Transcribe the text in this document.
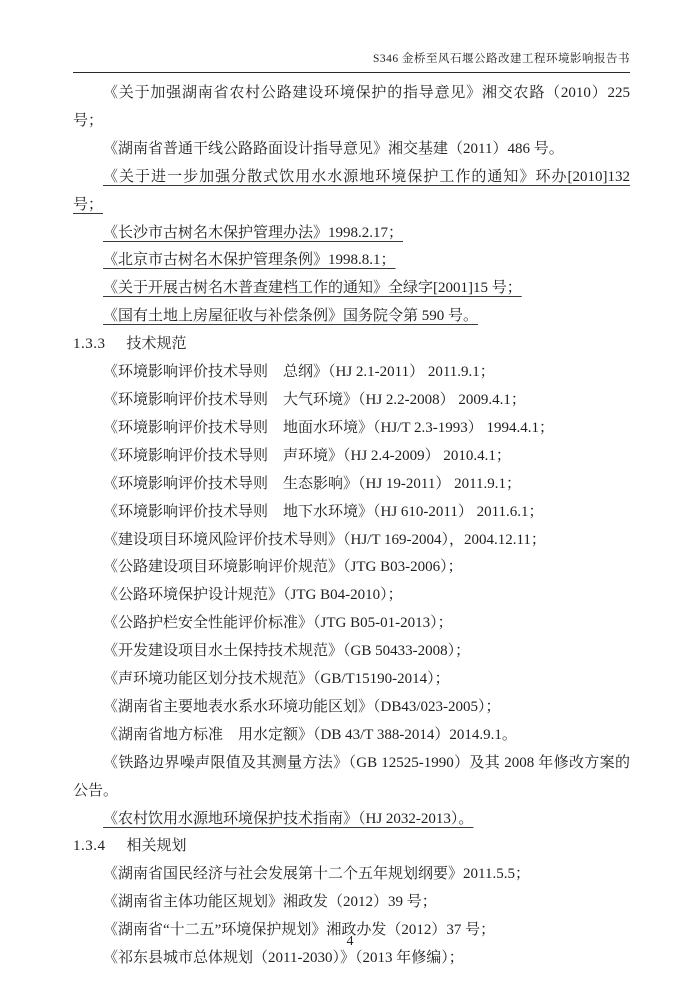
S346 金桥至风石堰公路改建工程环境影响报告书

《关于加强湖南省农村公路建设环境保护的指导意见》湘交农路（2010）225 号；

《湖南省普通干线公路路面设计指导意见》湘交基建（2011）486 号。

《关于进一步加强分散式饮用水水源地环境保护工作的通知》环办[2010]132 号；

《长沙市古树名木保护管理办法》1998.2.17；

《北京市古树名木保护管理条例》1998.8.1；

《关于开展古树名木普查建档工作的通知》全绿字[2001]15 号；

《国有土地上房屋征收与补偿条例》国务院令第 590 号。

1.3.3 技术规范

《环境影响评价技术导则　总纲》（HJ 2.1-2011） 2011.9.1；

《环境影响评价技术导则　大气环境》（HJ 2.2-2008） 2009.4.1；

《环境影响评价技术导则　地面水环境》（HJ/T 2.3-1993） 1994.4.1；

《环境影响评价技术导则　声环境》（HJ 2.4-2009） 2010.4.1；

《环境影响评价技术导则　生态影响》（HJ 19-2011） 2011.9.1；

《环境影响评价技术导则　地下水环境》（HJ 610-2011） 2011.6.1；

《建设项目环境风险评价技术导则》（HJ/T 169-2004），2004.12.11；

《公路建设项目环境影响评价规范》（JTG B03-2006）；

《公路环境保护设计规范》（JTG B04-2010）；

《公路护栏安全性能评价标准》（JTG B05-01-2013）；

《开发建设项目水土保持技术规范》（GB 50433-2008）；

《声环境功能区划分技术规范》（GB/T15190-2014）；

《湖南省主要地表水系水环境功能区划》（DB43/023-2005）；

《湖南省地方标准　用水定额》（DB 43/T 388-2014）2014.9.1。

《铁路边界噪声限值及其测量方法》（GB 12525-1990）及其 2008 年修改方案的公告。

《农村饮用水源地环境保护技术指南》（HJ 2032-2013）。

1.3.4 相关规划

《湖南省国民经济与社会发展第十二个五年规划纲要》2011.5.5；

《湖南省主体功能区规划》湘政发（2012）39 号；

《湖南省“十二五”环境保护规划》湘政办发（2012）37 号；

《祁东县城市总体规划（2011-2030）》（2013 年修编）；

4
